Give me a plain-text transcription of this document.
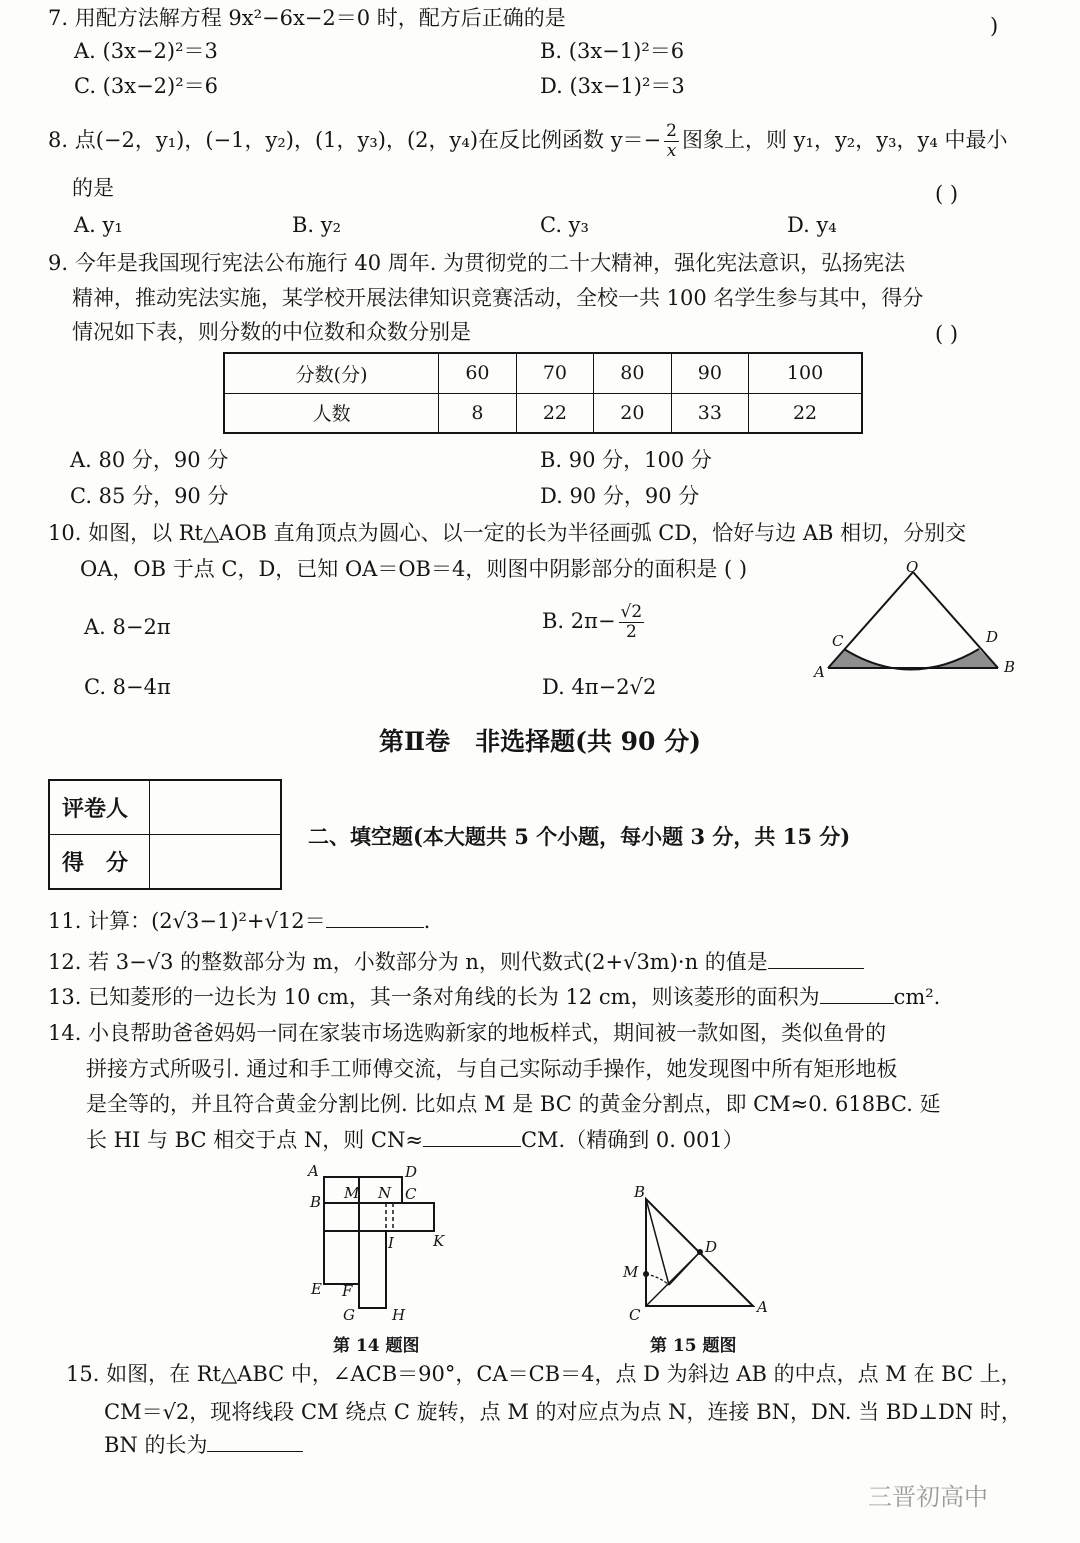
7. 用配方法解方程 9x²−6x−2＝0 时，配方后正确的是	)
A. (3x−2)²＝3	B. (3x−1)²＝6
C. (3x−2)²＝6	D. (3x−1)²＝3
8. 点(−2，y₁)，(−1，y₂)，(1，y₃)，(2，y₄)在反比例函数 $y=- \frac{2}{x}$ 图象上，则 y₁，y₂，y₃，y₄ 中最小
的是	( )
A. y₁	B. y₂	C. y₃	D. y₄
9. 今年是我国现行宪法公布施行 40 周年. 为贯彻党的二十大精神，强化宪法意识，弘扬宪法
精神，推动宪法实施，某学校开展法律知识竞赛活动，全校一共 100 名学生参与其中，得分
情况如下表，则分数的中位数和众数分别是	( )
分数(分)	60	70	80	90	100
人数	8	22	20	33	22
A. 80 分，90 分	B. 90 分，100 分
C. 85 分，90 分	D. 90 分，90 分
10. 如图，以 Rt△AOB 直角顶点为圆心、以一定的长为半径画弧 CD，恰好与边 AB 相切，分别交
OA，OB 于点 C，D，已知 OA＝OB＝4，则图中阴影部分的面积是 ( )
A. 8−2π	B. $2\pi- \frac{√2}{2}$
C. 8−4π	D. 4π−2√2
O
C	D
A	B
第Ⅱ卷　非选择题(共 90 分)
评卷人	
得　分	
二、填空题(本大题共 5 个小题，每小题 3 分，共 15 分)
11. 计算：(2√3−1)²+√12＝	.
12. 若 3−√3 的整数部分为 m，小数部分为 n，则代数式(2+√3m)·n 的值是
13. 已知菱形的一边长为 10 cm，其一条对角线的长为 12 cm，则该菱形的面积为	cm².
14. 小良帮助爸爸妈妈一同在家装市场选购新家的地板样式，期间被一款如图，类似鱼骨的
拼接方式所吸引. 通过和手工师傅交流，与自己实际动手操作，她发现图中所有矩形地板
是全等的，并且符合黄金分割比例. 比如点 M 是 BC 的黄金分割点，即 CM≈0. 618BC. 延
长 HI 与 BC 相交于点 N，则 CN≈	CM.（精确到 0. 001）
A	D
B M N C
I	K
E F
G H
第 14 题图
B
D
M
C	A
第 15 题图
15. 如图，在 Rt△ABC 中，∠ACB＝90°，CA＝CB＝4，点 D 为斜边 AB 的中点，点 M 在 BC 上，
CM＝√2，现将线段 CM 绕点 C 旋转，点 M 的对应点为点 N，连接 BN，DN. 当 BD⊥DN 时，
BN 的长为
三晋初高中
